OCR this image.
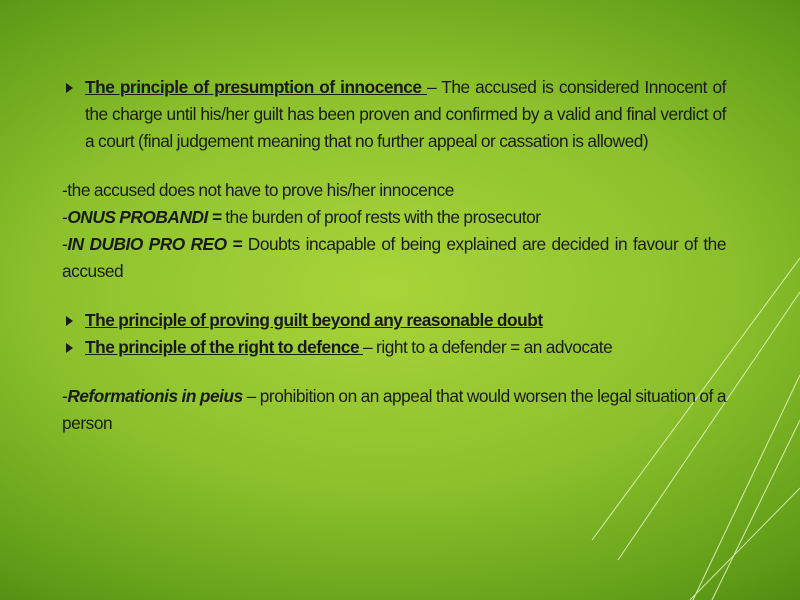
The principle of presumption of innocence – The accused is considered Innocent of the charge until his/her guilt has been proven and confirmed by a valid and final verdict of a court (final judgement meaning that no further appeal or cassation is allowed)

-the accused does not have to prove his/her innocence

-ONUS PROBANDI = the burden of proof rests with the prosecutor

-IN DUBIO PRO REO = Doubts incapable of being explained are decided in favour of the accused

The principle of proving guilt beyond any reasonable doubt

The principle of the right to defence – right to a defender = an advocate

-Reformationis in peius – prohibition on an appeal that would worsen the legal situation of a person
